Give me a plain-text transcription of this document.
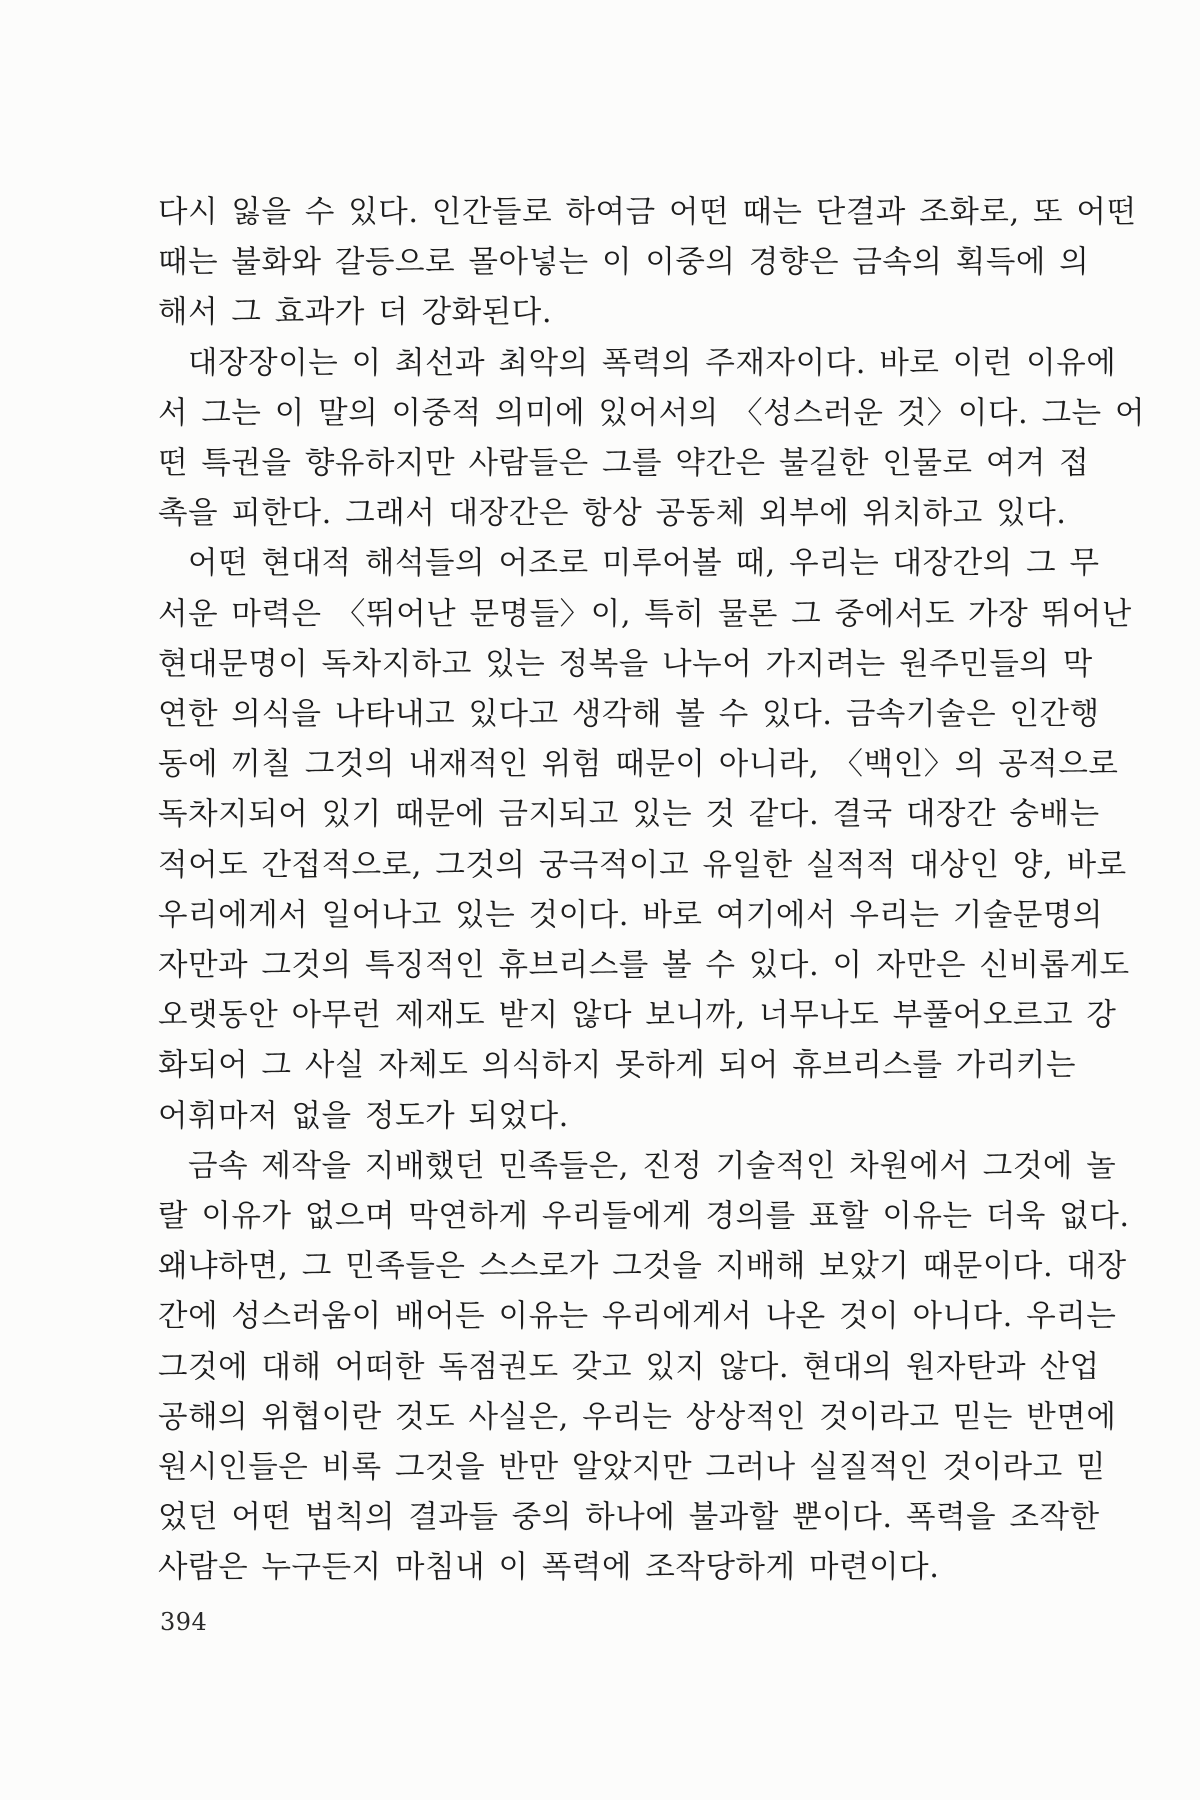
다시 잃을 수 있다. 인간들로 하여금 어떤 때는 단결과 조화로, 또 어떤
때는 불화와 갈등으로 몰아넣는 이 이중의 경향은 금속의 획득에 의
해서 그 효과가 더 강화된다.

대장장이는 이 최선과 최악의 폭력의 주재자이다. 바로 이런 이유에
서 그는 이 말의 이중적 의미에 있어서의 〈성스러운 것〉이다. 그는 어
떤 특권을 향유하지만 사람들은 그를 약간은 불길한 인물로 여겨 접
촉을 피한다. 그래서 대장간은 항상 공동체 외부에 위치하고 있다.

어떤 현대적 해석들의 어조로 미루어볼 때, 우리는 대장간의 그 무
서운 마력은 〈뛰어난 문명들〉이, 특히 물론 그 중에서도 가장 뛰어난
현대문명이 독차지하고 있는 정복을 나누어 가지려는 원주민들의 막
연한 의식을 나타내고 있다고 생각해 볼 수 있다. 금속기술은 인간행
동에 끼칠 그것의 내재적인 위험 때문이 아니라, 〈백인〉의 공적으로
독차지되어 있기 때문에 금지되고 있는 것 같다. 결국 대장간 숭배는
적어도 간접적으로, 그것의 궁극적이고 유일한 실적적 대상인 양, 바로
우리에게서 일어나고 있는 것이다. 바로 여기에서 우리는 기술문명의
자만과 그것의 특징적인 휴브리스를 볼 수 있다. 이 자만은 신비롭게도
오랫동안 아무런 제재도 받지 않다 보니까, 너무나도 부풀어오르고 강
화되어 그 사실 자체도 의식하지 못하게 되어 휴브리스를 가리키는
어휘마저 없을 정도가 되었다.

금속 제작을 지배했던 민족들은, 진정 기술적인 차원에서 그것에 놀
랄 이유가 없으며 막연하게 우리들에게 경의를 표할 이유는 더욱 없다.
왜냐하면, 그 민족들은 스스로가 그것을 지배해 보았기 때문이다. 대장
간에 성스러움이 배어든 이유는 우리에게서 나온 것이 아니다. 우리는
그것에 대해 어떠한 독점권도 갖고 있지 않다. 현대의 원자탄과 산업
공해의 위협이란 것도 사실은, 우리는 상상적인 것이라고 믿는 반면에
원시인들은 비록 그것을 반만 알았지만 그러나 실질적인 것이라고 믿
었던 어떤 법칙의 결과들 중의 하나에 불과할 뿐이다. 폭력을 조작한
사람은 누구든지 마침내 이 폭력에 조작당하게 마련이다.

394
